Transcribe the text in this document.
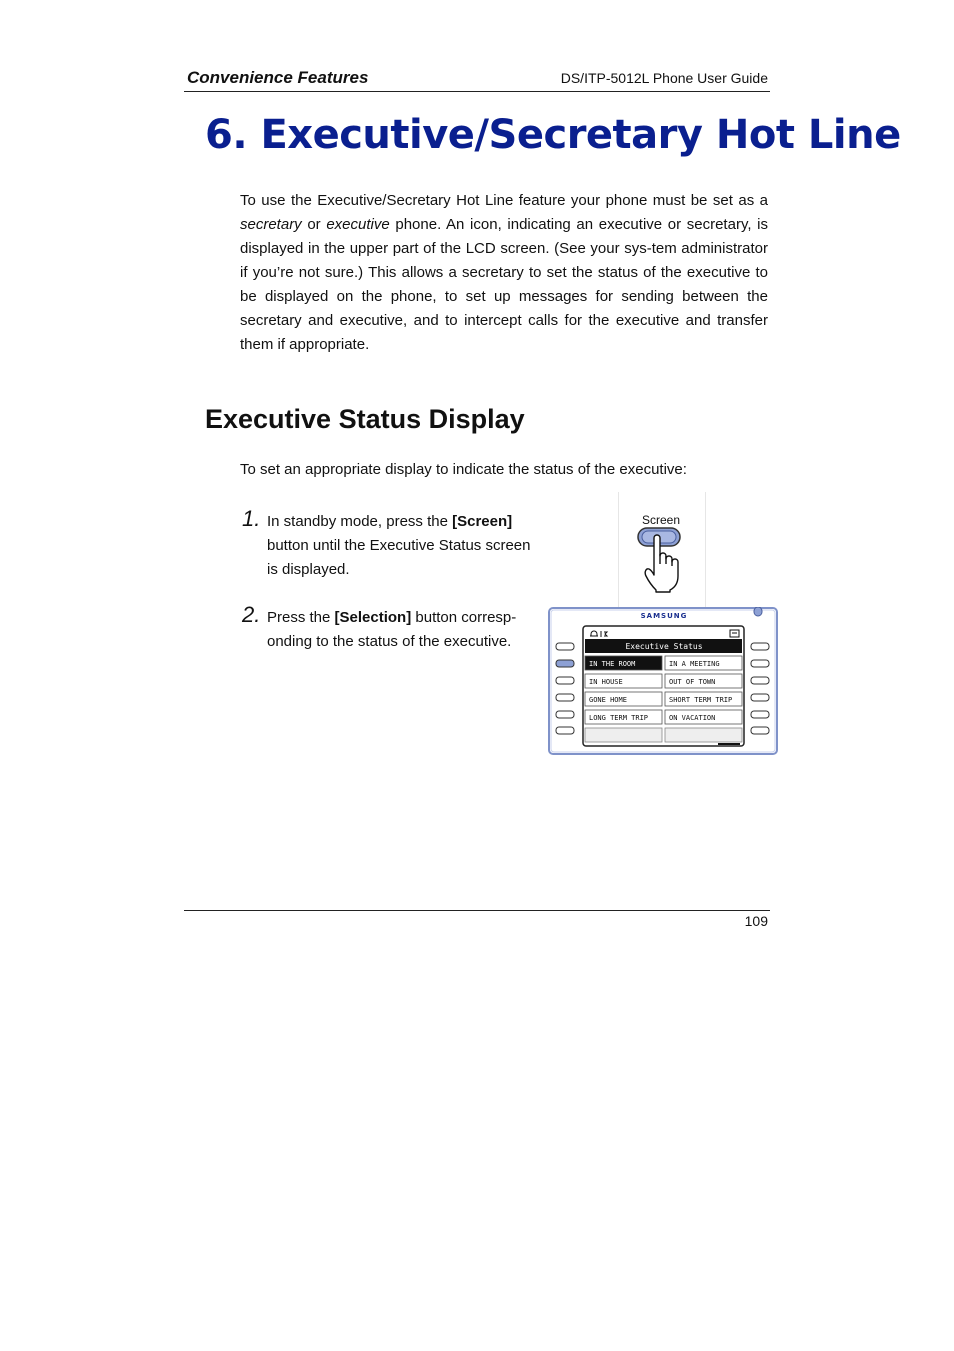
Convenience Features	DS/ITP-5012L Phone User Guide
6. Executive/Secretary Hot Line

To use the Executive/Secretary Hot Line feature your phone must be set as a secretary or executive phone. An icon, indicating an executive or secretary, is displayed in the upper part of the LCD screen. (See your sys-tem administrator if you’re not sure.) This allows a secretary to set the status of the executive to be displayed on the phone, to set up messages for sending between the secretary and executive, and to intercept calls for the executive and transfer them if appropriate.

Executive Status Display

To set an appropriate display to indicate the status of the executive:

1. In standby mode, press the [Screen]
button until the Executive Status screen
is displayed.
2. Press the [Selection] button corresp-
onding to the status of the executive.
Screen
SAMSUNG
Executive Status
IN THE ROOM	IN A MEETING
IN HOUSE	OUT OF TOWN
GONE HOME	SHORT TERM TRIP
LONG TERM TRIP	ON VACATION
109
